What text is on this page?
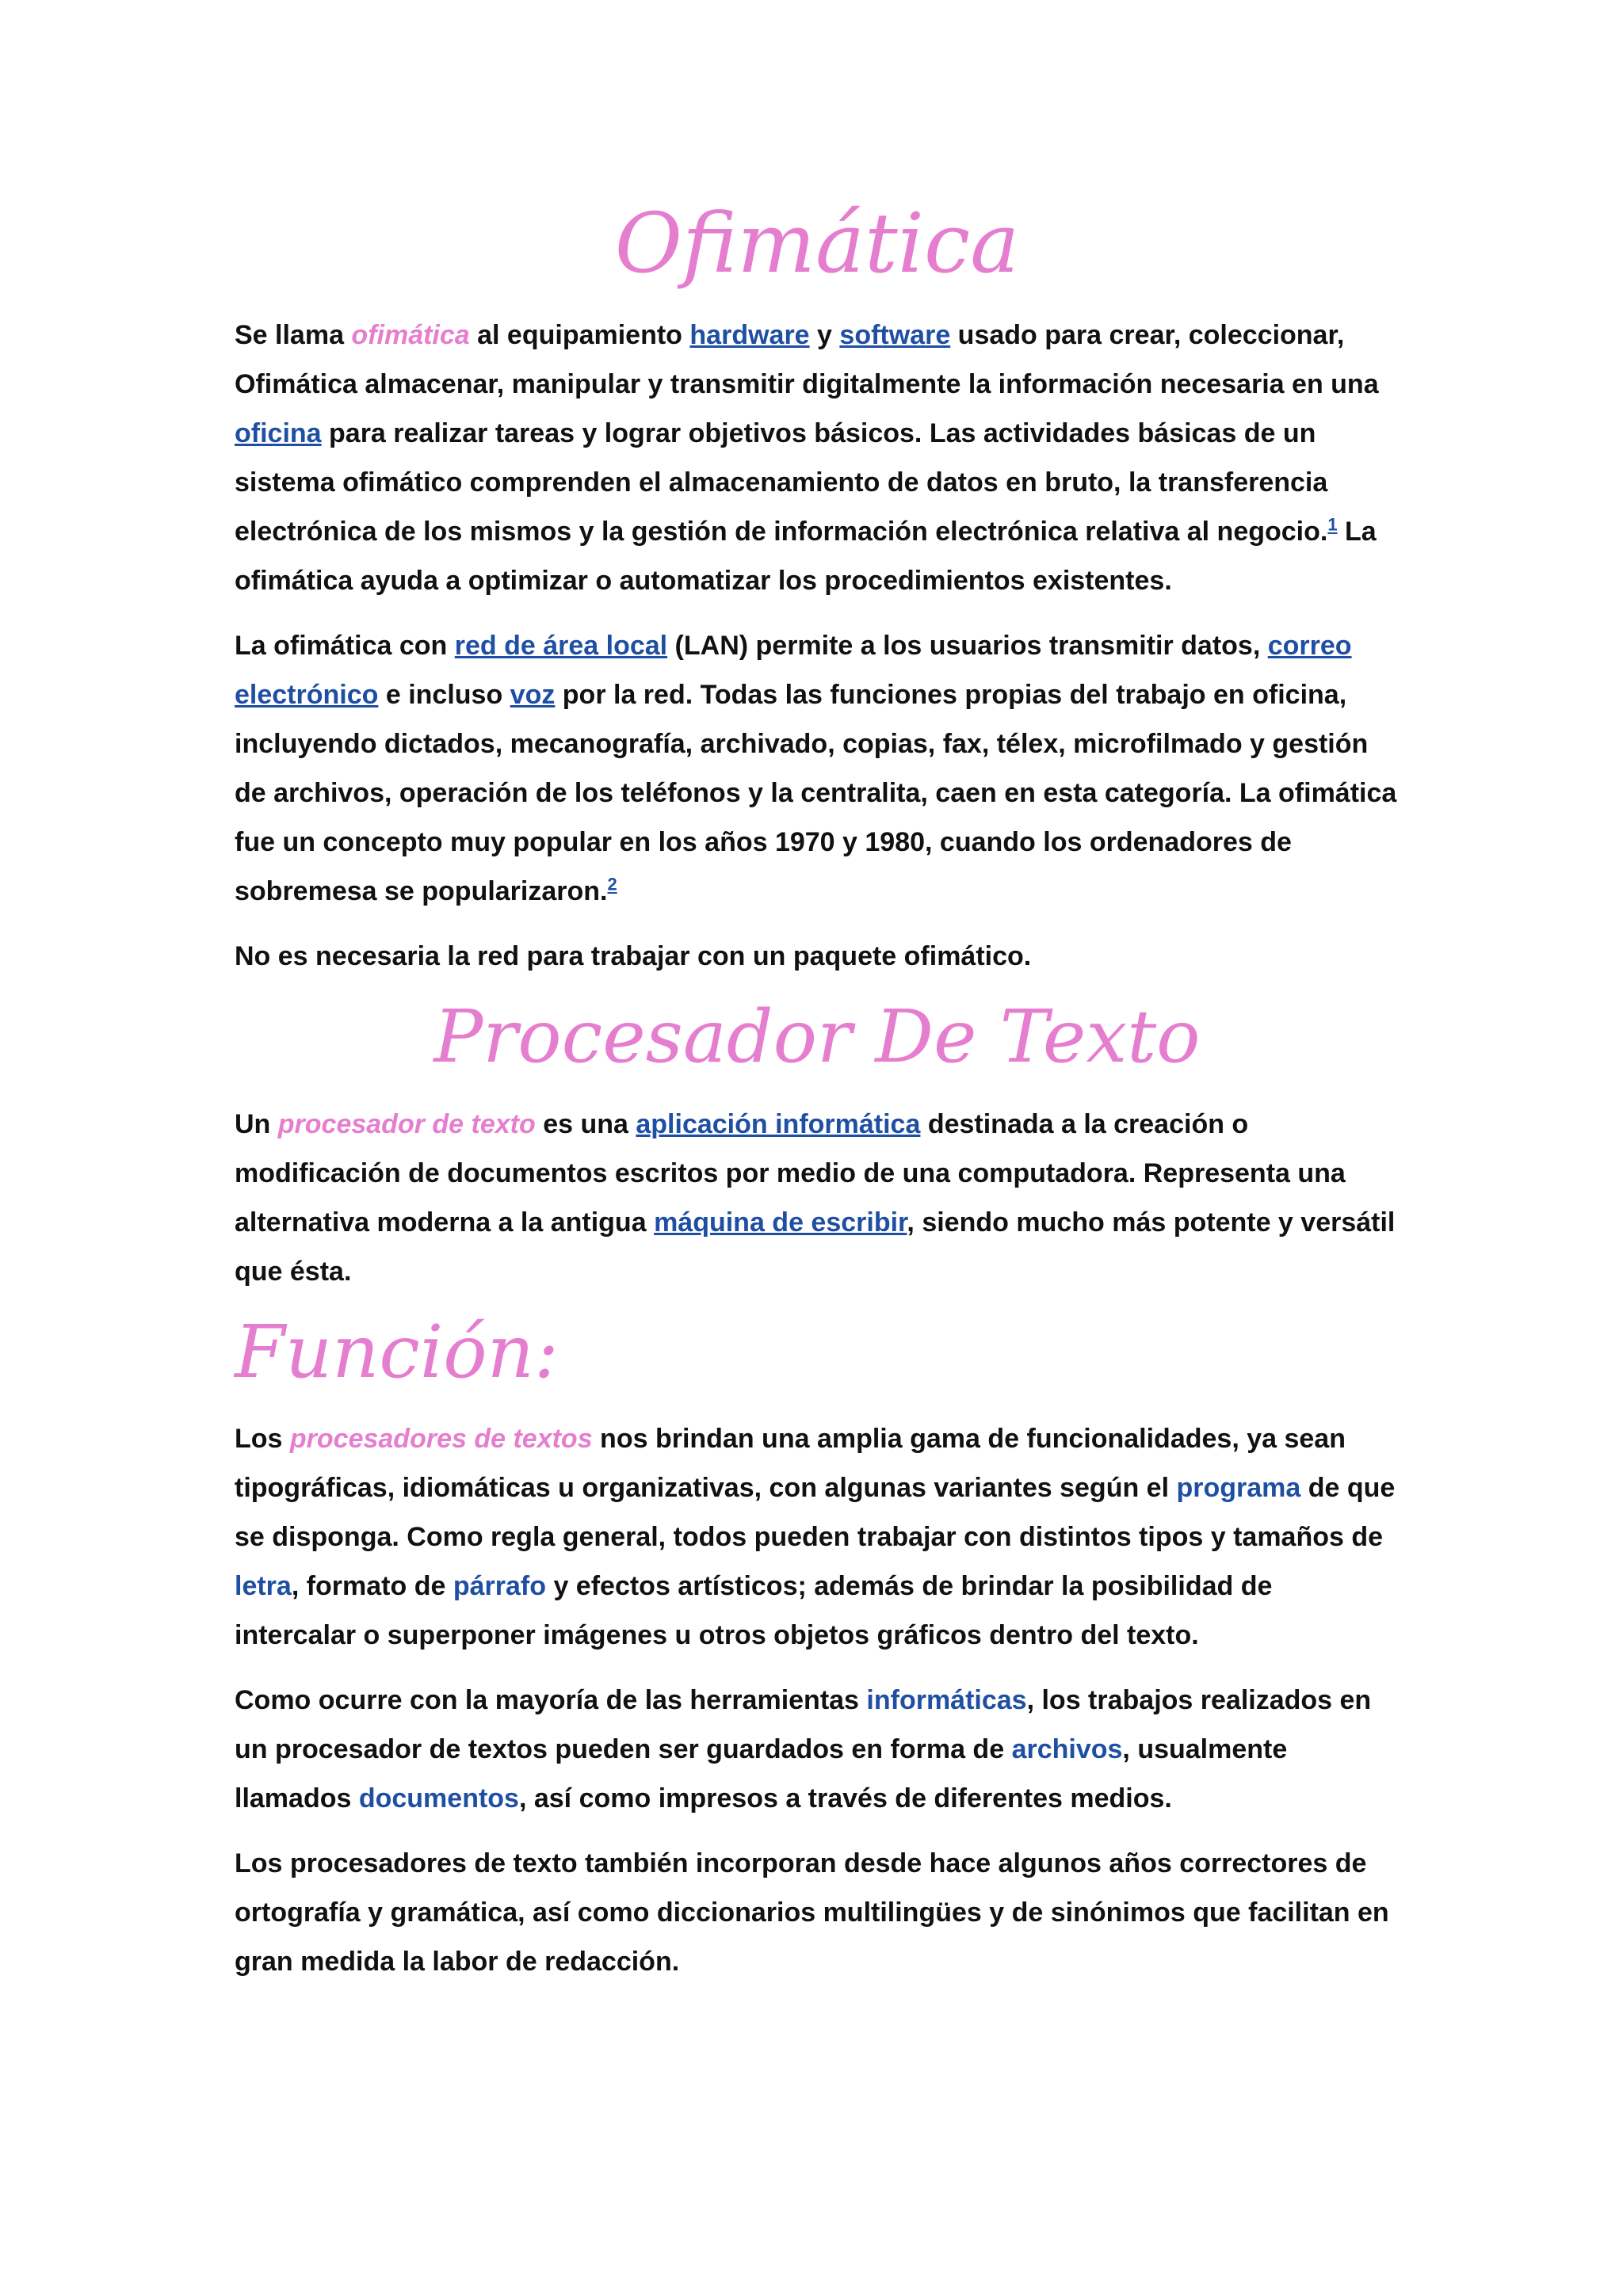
Ofimática

Se llama ofimática al equipamiento hardware y software usado para crear, coleccionar, Ofimática almacenar, manipular y transmitir digitalmente la información necesaria en una oficina para realizar tareas y lograr objetivos básicos. Las actividades básicas de un sistema ofimático comprenden el almacenamiento de datos en bruto, la transferencia electrónica de los mismos y la gestión de información electrónica relativa al negocio.$^1$ La ofimática ayuda a optimizar o automatizar los procedimientos existentes.

La ofimática con red de área local (LAN) permite a los usuarios transmitir datos, correo electrónico e incluso voz por la red. Todas las funciones propias del trabajo en oficina, incluyendo dictados, mecanografía, archivado, copias, fax, télex, microfilmado y gestión de archivos, operación de los teléfonos y la centralita, caen en esta categoría. La ofimática fue un concepto muy popular en los años 1970 y 1980, cuando los ordenadores de sobremesa se popularizaron.$^2$

No es necesaria la red para trabajar con un paquete ofimático.

Procesador De Texto

Un procesador de texto es una aplicación informática destinada a la creación o modificación de documentos escritos por medio de una computadora. Representa una alternativa moderna a la antigua máquina de escribir, siendo mucho más potente y versátil que ésta.

Función:

Los procesadores de textos nos brindan una amplia gama de funcionalidades, ya sean tipográficas, idiomáticas u organizativas, con algunas variantes según el programa de que se disponga. Como regla general, todos pueden trabajar con distintos tipos y tamaños de letra, formato de párrafo y efectos artísticos; además de brindar la posibilidad de intercalar o superponer imágenes u otros objetos gráficos dentro del texto.

Como ocurre con la mayoría de las herramientas informáticas, los trabajos realizados en un procesador de textos pueden ser guardados en forma de archivos, usualmente llamados documentos, así como impresos a través de diferentes medios.

Los procesadores de texto también incorporan desde hace algunos años correctores de ortografía y gramática, así como diccionarios multilingües y de sinónimos que facilitan en gran medida la labor de redacción.
